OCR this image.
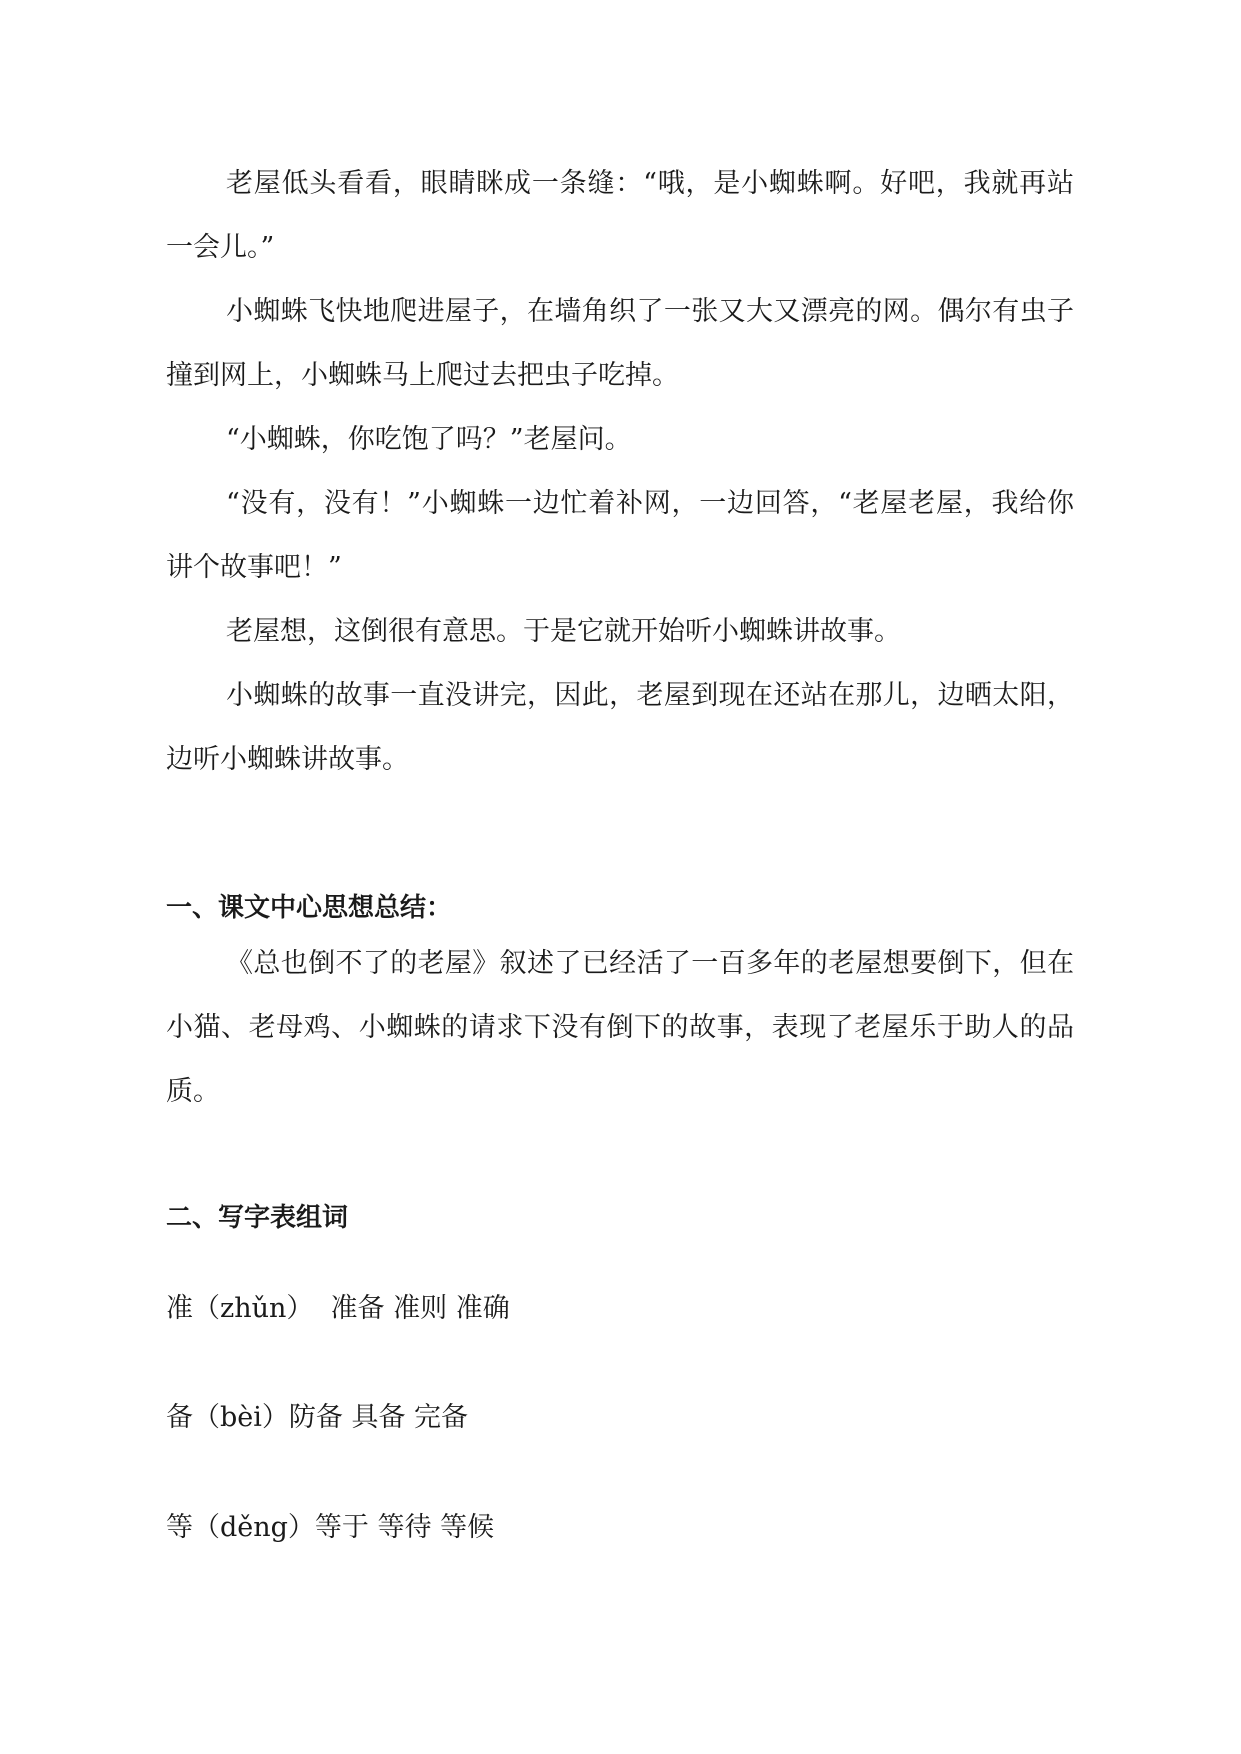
老屋低头看看，眼睛眯成一条缝：“哦，是小蜘蛛啊。好吧，我就再站一会儿。”

小蜘蛛飞快地爬进屋子，在墙角织了一张又大又漂亮的网。偶尔有虫子撞到网上，小蜘蛛马上爬过去把虫子吃掉。

“小蜘蛛，你吃饱了吗？”老屋问。

“没有，没有！”小蜘蛛一边忙着补网，一边回答，“老屋老屋，我给你讲个故事吧！”

老屋想，这倒很有意思。于是它就开始听小蜘蛛讲故事。

小蜘蛛的故事一直没讲完，因此，老屋到现在还站在那儿，边晒太阳，边听小蜘蛛讲故事。

一、课文中心思想总结：

《总也倒不了的老屋》叙述了已经活了一百多年的老屋想要倒下，但在小猫、老母鸡、小蜘蛛的请求下没有倒下的故事，表现了老屋乐于助人的品质。

二、写字表组词
准（zhǔn）  准备 准则 准确
备（bèi）防备 具备 完备
等（děng）等于 等待 等候
